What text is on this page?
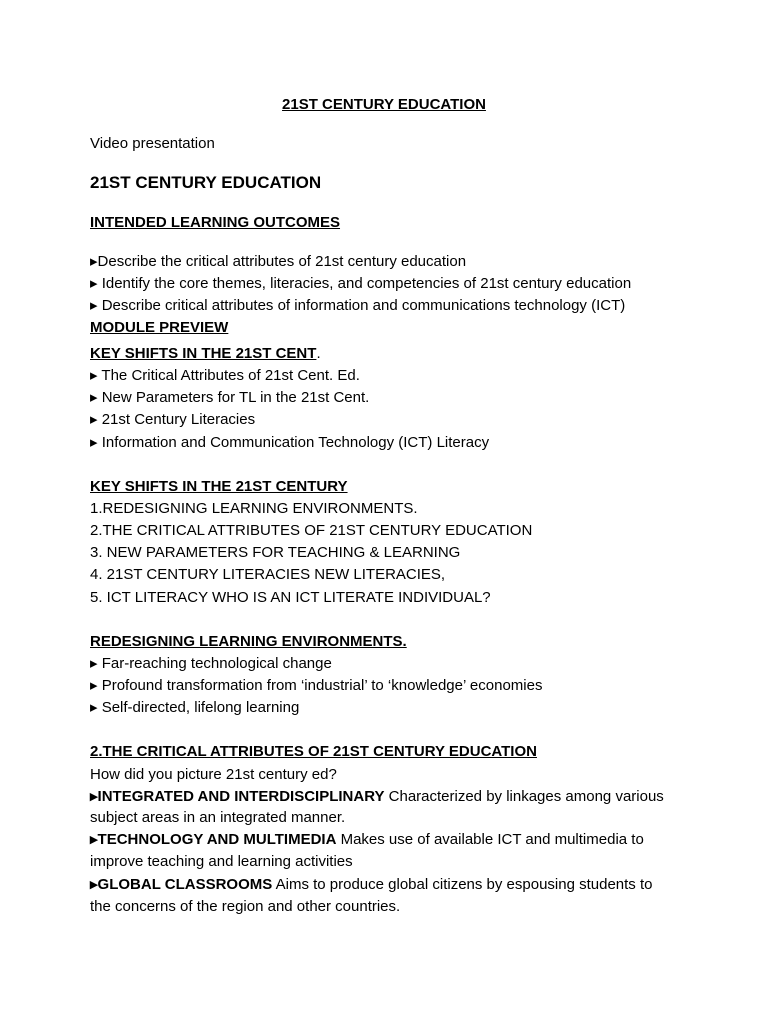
21ST CENTURY EDUCATION
Video presentation
21ST CENTURY EDUCATION
INTENDED LEARNING OUTCOMES
▸Describe the critical attributes of 21st century education
▸ Identify the core themes, literacies, and competencies of 21st century education
▸ Describe critical attributes of information and communications technology (ICT)
MODULE PREVIEW
KEY SHIFTS IN THE 21ST CENT.
▸ The Critical Attributes of 21st Cent. Ed.
▸ New Parameters for TL in the 21st Cent.
▸ 21st Century Literacies
▸ Information and Communication Technology (ICT) Literacy
KEY SHIFTS IN THE 21ST CENTURY
1.REDESIGNING LEARNING ENVIRONMENTS.
2.THE CRITICAL ATTRIBUTES OF 21ST CENTURY EDUCATION
3. NEW PARAMETERS FOR TEACHING & LEARNING
4. 21ST CENTURY LITERACIES NEW LITERACIES,
5. ICT LITERACY WHO IS AN ICT LITERATE INDIVIDUAL?
REDESIGNING LEARNING ENVIRONMENTS.
▸ Far-reaching technological change
▸ Profound transformation from ‘industrial’ to ‘knowledge’ economies
▸ Self-directed, lifelong learning
2.THE CRITICAL ATTRIBUTES OF 21ST CENTURY EDUCATION
How did you picture 21st century ed?
▸INTEGRATED AND INTERDISCIPLINARY Characterized by linkages among various
subject areas in an integrated manner.
▸TECHNOLOGY AND MULTIMEDIA Makes use of available ICT and multimedia to
improve teaching and learning activities
▸GLOBAL CLASSROOMS Aims to produce global citizens by espousing students to
the concerns of the region and other countries.
